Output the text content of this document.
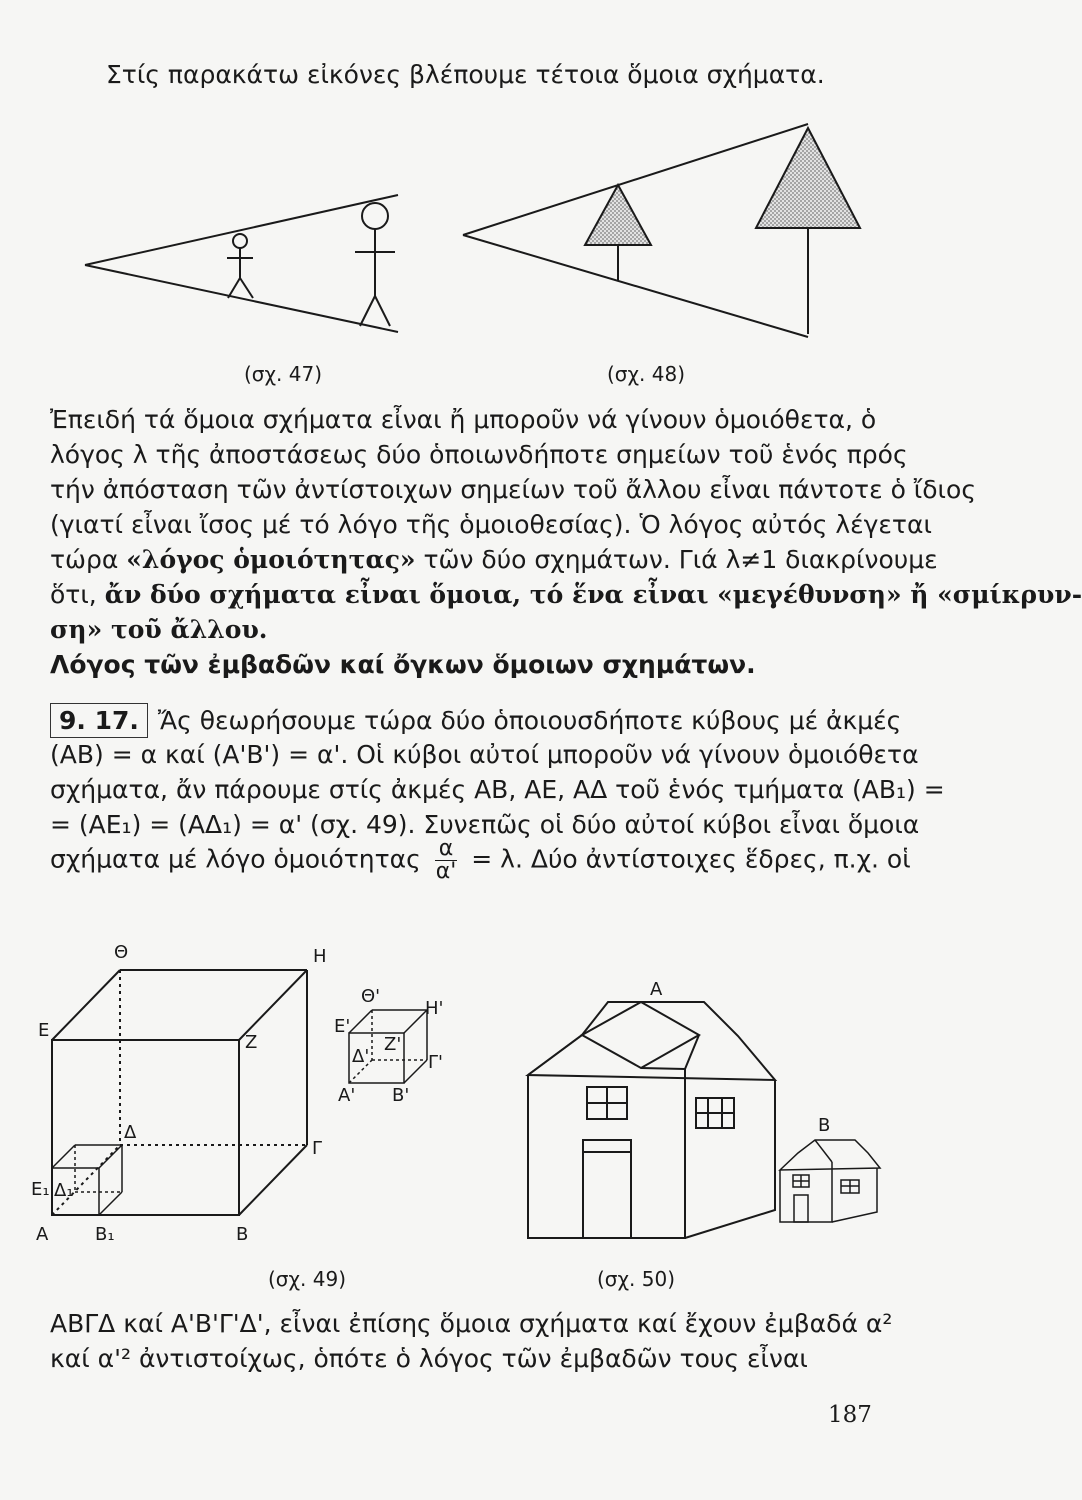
Στίς παρακάτω εἰκόνες βλέπουμε τέτοια ὅμοια σχήματα.
Θ	Η
Ε
Ζ
Δ
Γ
Ε₁ Δ₁
Α	Β₁	Β
Θ'
Η'
Ε'
Ζ'
Δ'	Γ'
Α' Β'
Α
Β
(σχ. 47)	(σχ. 48)
Ἐπειδή τά ὅμοια σχήματα εἶναι ἤ μποροῦν νά γίνουν ὁμοιόθετα, ὁ
λόγος λ τῆς ἀποστάσεως δύο ὁποιωνδήποτε σημείων τοῦ ἑνός πρός
τήν ἀπόσταση τῶν ἀντίστοιχων σημείων τοῦ ἄλλου εἶναι πάντοτε ὁ ἴδιος
(γιατί εἶναι ἴσος μέ τό λόγο τῆς ὁμοιοθεσίας). Ὁ λόγος αὐτός λέγεται
τώρα «λόγος ὁμοιότητας» τῶν δύο σχημάτων. Γιά λ≠1 διακρίνουμε
ὅτι, ἄν δύο σχήματα εἶναι ὅμοια, τό ἕνα εἶναι «μεγέθυνση» ἤ «σμίκρυν-
ση» τοῦ ἄλλου.
Λόγος τῶν ἐμβαδῶν καί ὄγκων ὅμοιων σχημάτων.
9. 17. Ἄς θεωρήσουμε τώρα δύο ὁποιουσδήποτε κύβους μέ ἀκμές
(ΑΒ) = α καί (Α'Β') = α'. Οἱ κύβοι αὐτοί μποροῦν νά γίνουν ὁμοιόθετα
σχήματα, ἄν πάρουμε στίς ἀκμές ΑΒ, ΑΕ, ΑΔ τοῦ ἑνός τμήματα (ΑΒ₁) =
= (ΑΕ₁) = (ΑΔ₁) = α' (σχ. 49). Συνεπῶς οἱ δύο αὐτοί κύβοι εἶναι ὅμοια
σχήματα μέ λόγο ὁμοιότητας $\frac{\alpha}{\alpha'} = \lambda$. Δύο ἀντίστοιχες ἕδρες, π.χ. οἱ
(σχ. 49)	(σχ. 50)
ΑΒΓΔ καί Α'Β'Γ'Δ', εἶναι ἐπίσης ὅμοια σχήματα καί ἔχουν ἐμβαδά α²
καί α'² ἀντιστοίχως, ὁπότε ὁ λόγος τῶν ἐμβαδῶν τους εἶναι
187
